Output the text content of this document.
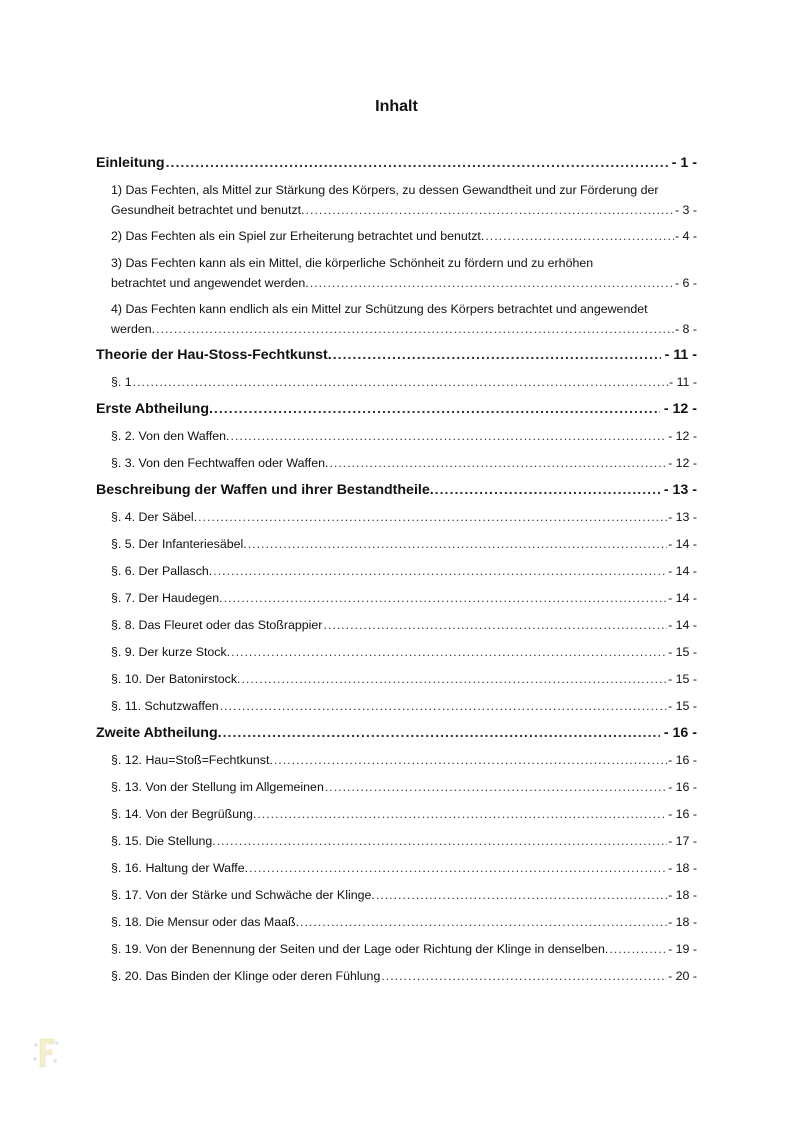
Inhalt
Einleitung .....	- 1 -
1) Das Fechten, als Mittel zur Stärkung des Körpers, zu dessen Gewandtheit und zur Förderung der
Gesundheit betrachtet und benutzt. .....	- 3 -
2) Das Fechten als ein Spiel zur Erheiterung betrachtet und benutzt. .....	- 4 -
3) Das Fechten kann als ein Mittel, die körperliche Schönheit zu fördern und zu erhöhen
betrachtet und angewendet werden. .....	- 6 -
4) Das Fechten kann endlich als ein Mittel zur Schützung des Körpers betrachtet und angewendet
werden. .....	- 8 -
Theorie der Hau-Stoss-Fechtkunst. .....	- 11 -
§. 1 .....	- 11 -
Erste Abtheilung. .....	- 12 -
§. 2. Von den Waffen. .....	- 12 -
§. 3. Von den Fechtwaffen oder Waffen. .....	- 12 -
Beschreibung der Waffen und ihrer Bestandtheile. .....	- 13 -
§. 4. Der Säbel. .....	- 13 -
§. 5. Der Infanteriesäbel. .....	- 14 -
§. 6. Der Pallasch. .....	- 14 -
§. 7. Der Haudegen. .....	- 14 -
§. 8. Das Fleuret oder das Stoßrappier .....	- 14 -
§. 9. Der kurze Stock. .....	- 15 -
§. 10. Der Batonirstock. .....	- 15 -
§. 11. Schutzwaffen .....	- 15 -
Zweite Abtheilung. .....	- 16 -
§. 12. Hau=Stoß=Fechtkunst. .....	- 16 -
§. 13. Von der Stellung im Allgemeinen .....	- 16 -
§. 14. Von der Begrüßung. .....	- 16 -
§. 15. Die Stellung. .....	- 17 -
§. 16. Haltung der Waffe. .....	- 18 -
§. 17. Von der Stärke und Schwäche der Klinge. .....	- 18 -
§. 18. Die Mensur oder das Maaß. .....	- 18 -
§. 19. Von der Benennung der Seiten und der Lage oder Richtung der Klinge in denselben. .....	- 19 -
§. 20. Das Binden der Klinge oder deren Fühlung .....	- 20 -
